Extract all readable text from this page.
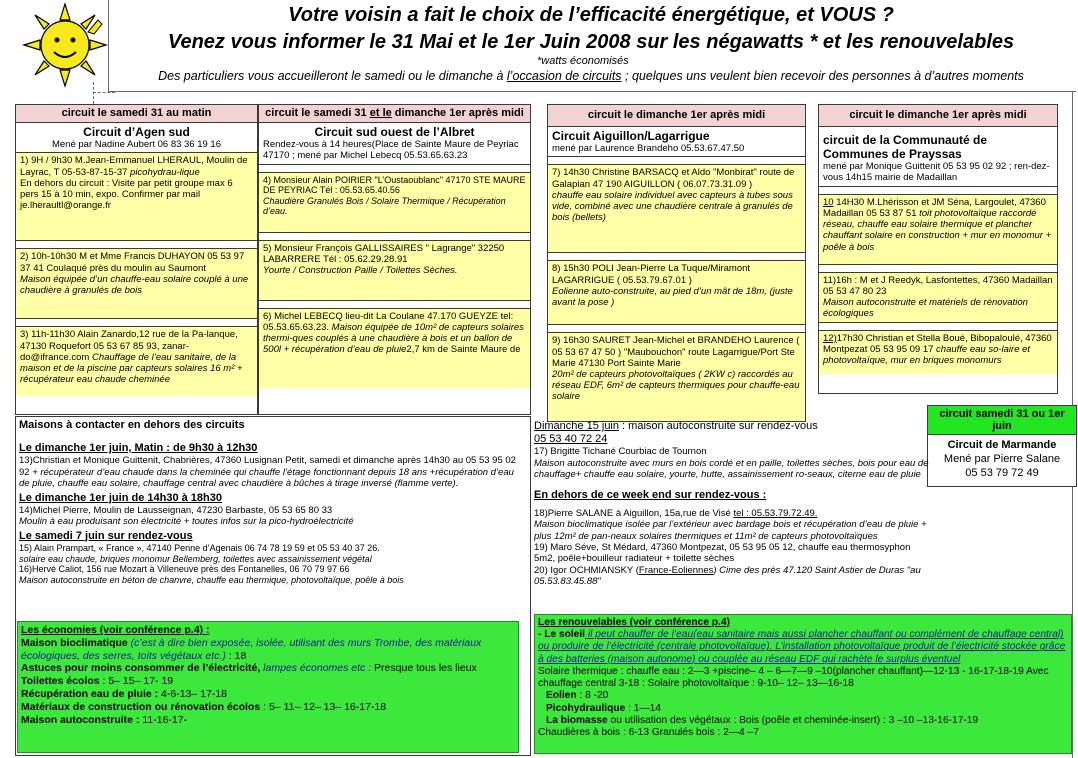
Votre voisin a fait le choix de l’efficacité énergétique, et VOUS ?
Venez vous informer le 31 Mai et le 1er Juin 2008 sur les négawatts * et les renouvelables
*watts économisés
Des particuliers vous accueilleront le samedi ou le dimanche à l’occasion de circuits ; quelques uns veulent bien recevoir des personnes à d’autres moments
circuit le samedi 31 au matin
Circuit d’Agen sud
Mené par Nadine Aubert 06 83 36 19 16
1) 9H / 9h30 M.Jean-Emmanuel LHERAUL, Moulin de Layrac, T 05-53-87-15-37 picohydrau-lique
En dehors du circuit : Visite par petit groupe max 6 pers 15 à 10 min, expo. Confirmer par mail je.lheraultl@orange.fr
2) 10h-10h30 M et Mme Francis DUHAYON 05 53 97 37 41 Coulaqué près du moulin au Saumont
Maison équipée d’un chauffe-eau solaire couplé à une chaudière à granulés de bois
3) 11h-11h30 Alain Zanardo,12 rue de la Pa-lanque, 47130 Roquefort 05 53 67 85 93, zanar-do@ifrance.com Chauffage de l’eau sanitaire, de la maison et de la piscine par capteurs solaires 16 m² + récupérateur eau chaude cheminée
circuit le samedi 31 et le dimanche 1er après midi
Circuit sud ouest de l’Albret
Rendez-vous à 14 heures(Place de Sainte Maure de Peyriac 47170 ; mené par Michel Lebecq 05.53.65.63.23
4) Monsieur Alain POIRIER "L’Oustaoublanc" 47170 STE MAURE DE PEYRIAC Tél : 05.53.65.40.56
Chaudière Granulés Bois / Solaire Thermique / Récupération d’eau.
5) Monsieur François GALLISSAIRES " Lagrange" 32250 LABARRERE Tél : 05.62.29.28.91
Yourte / Construction Paille / Toilettes Sèches.
6) Michel LEBECQ lieu-dit La Coulane 47.170 GUEYZE tel: 05.53.65.63.23. Maison équipée de 10m² de capteurs solaires thermi-ques couplés à une chaudière à bois et un ballon de 500l + récupération d’eau de pluie2,7 km de Sainte Maure de
circuit le dimanche 1er après midi
Circuit Aiguillon/Lagarrigue
mené par Laurence Brandeho 05.53.67.47.50
7) 14h30 Christine BARSACQ et Aldo "Monbirat" route de Galapian 47 190 AIGUILLON ( 06.07.73.31.09 )
chauffe eau solaire individuel avec capteurs à tubes sous vide, combiné avec une chaudière centrale à granulés de bois (bellets)
8) 15h30 POLI Jean-Pierre La Tuque/Miramont LAGARRIGUE ( 05.53.79.67.01 )
Eolienne auto-construite, au pied d’un mât de 18m, (juste avant la pose )
9) 16h30 SAURET Jean-Michel et BRANDEHO Laurence ( 05 53 67 47 50 ) "Maubouchon" route Lagarrigue/Port Ste Marie 47130 Port Sainte Marie
20m² de capteurs photovoltaïques ( 2KW c) raccordés au réseau EDF, 6m² de capteurs thermiques pour chauffe-eau solaire
circuit le dimanche 1er après midi
circuit de la Communauté de Communes de Prayssas
mené par Monique Guittenit 05 53 95 02 92 ; ren-dez-vous 14h15 mairie de Madaillan
10 14H30 M.Lhérisson et JM Séna, Largoulet, 47360 Madaillan 05 53 87 51 toit photovoltaïque raccordé réseau, chauffe eau solaire thermique et plancher chauffant solaire en construction + mur en monomur + poêle à bois
11)16h : M et J Reedyk, Lasfontettes, 47360 Madaillan 05 53 47 80 23
Maison autoconstruite et matériels de rénovation écologiques
12)17h30 Christian et Stella Boué, Bibopaloulé, 47360 Montpezat 05 53 95 09 17 chauffe eau so-laire et photovoltaïque, mur en briques monomurs
circuit samedi 31 ou 1er juin
Circuit de Marmande
Mené par Pierre Salane
05 53 79 72 49
Maisons à contacter en dehors des circuits
Le dimanche 1er juin, Matin : de 9h30 à 12h30
13)Christian et Monique Guittenit, Chabrières, 47360 Lusignan Petit, samedi et dimanche après 14h30 au 05 53 95 02 92 + récupérateur d’eau chaude dans la cheminée qui chauffe l’étage fonctionnant depuis 18 ans +récupération d’eau de pluie, chauffe eau solaire, chauffage central avec chaudière à bûches à tirage inversé (flamme verte).
Le dimanche 1er juin de 14h30 à 18h30
14)Michel Pierre, Moulin de Lausseignan, 47230 Barbaste, 05 53 65 80 33
Moulin à eau produisant son électricité + toutes infos sur la pico-hydroélectricité
Le samedi 7 juin sur rendez-vous
15) Alain Prampart, « France », 47140 Penne d’Agenais 06 74 78 19 59 et 05 53 40 37 26.
solaire eau chaude, briques monomur Bellemberg, toilettes avec assainissement végétal
16)Hervé Caliot, 156 rue Mozart à Villeneuve près des Fontanelles, 06 70 79 97 66
Maison autoconstruite en béton de chanvre, chauffe eau thermique, photovoltaïque, poêle à bois
Dimanche 15 juin : maison autoconstruite sur rendez-vous
05 53 40 72 24
17) Brigitte Tichané Courbiac de Tournon
Maison autoconstruite avec murs en bois cordé et en paille, toilettes sèches, bois pour eau de chauffage+ chauffe eau solaire, yourte, hutte, assainissement ro-seaux, citerne eau de pluie
En dehors de ce week end sur rendez-vous :
18)Pierre SALANE à Aiguillon, 15a,rue de Visé tel : 05.53.79.72.49.
Maison bioclimatique isolée par l’extérieur avec bardage bois et récupération d’eau de pluie + plus 12m² de pan-neaux solaires thermiques et 11m² de capteurs photovoltaïques
19) Maro Séve, St Médard, 47360 Montpezat, 05 53 95 05 12, chauffe eau thermosyphon 5m2, poêle+bouilleur radiateur + toilette sèches
20) Igor OCHMIANSKY (France-Eoliennes) Cime des près 47.120 Saint Astier de Duras "au 05.53.83.45.88"
Les économies (voir conférence p.4) :
Maison bioclimatique (c’est à dire bien exposée, isolée, utilisant des murs Trombe, des matériaux écologiques, des serres, toits végétaux etc.) : 18
Astuces pour moins consommer de l’électricité, lampes économes etc : Presque tous les lieux
Toilettes écolos : 5– 15– 17- 19
Récupération eau de pluie : 4-6-13– 17-18
Matériaux de construction ou rénovation écolos : 5– 11– 12– 13– 16-17-18
Maison autoconstruite : 11-16-17-
Les renouvelables (voir conférence p.4)
- Le soleil il peut chauffer de l’eau(eau sanitaire mais aussi plancher chauffant ou complément de chauffage central) ou produire de l’électricité (centrale photovoltaïque). L’installation photovoltaïque produit de l’électricité stockée grâce à des batteries (maison autonome) ou couplée au réseau EDF qui rachète le surplus éventuel
Solaire thermique : chauffe eau : 2—3 +piscine– 4 – 6—7—9 –10(plancher chauffant)—12-13 - 16-17-18-19 Avec chauffage central 3-18 : Solaire photovoltaïque : 9-10– 12– 13—16-18
Eolien : 8 -20
Picohydraulique : 1—14
La biomasse ou utilisation des végétaux : Bois (poêle et cheminée-insert) : 3 –10 –13-16-17-19
Chaudières à bois : 6-13 Granulés bois : 2—4 –7
